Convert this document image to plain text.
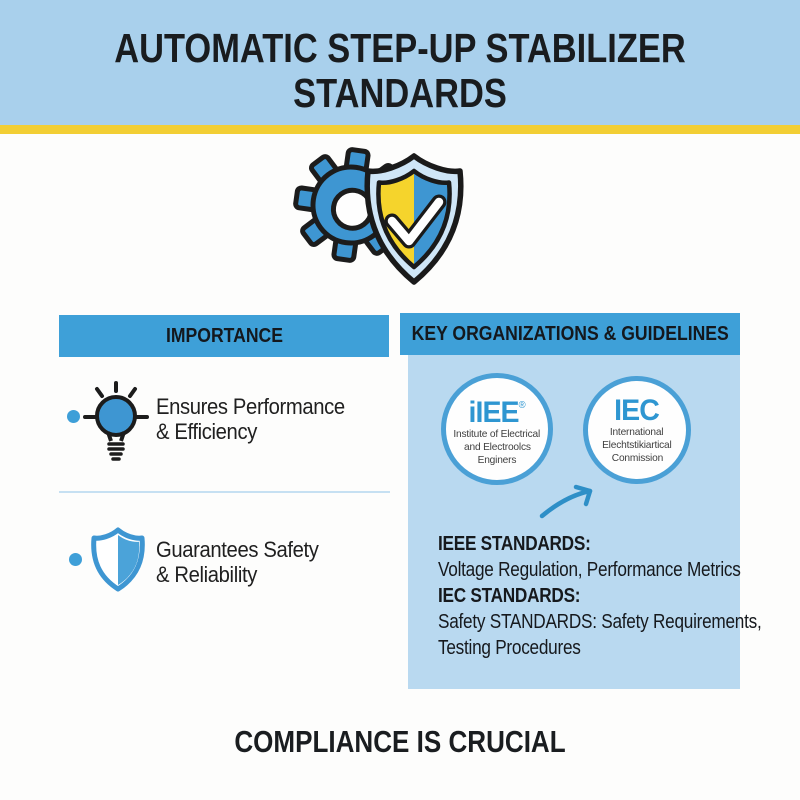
AUTOMATIC STEP-UP STABILIZER
STANDARDS
IMPORTANCE
Ensures Performance
& Efficiency
Guarantees Safety
& Reliability
KEY ORGANIZATIONS & GUIDELINES
iIEE®
Institute of Electrical
and Electroolcs
Enginers
IEC
International
Elechtstikiartical
Conmission
IEEE STANDARDS:
Voltage Regulation, Performance Metrics
IEC STANDARDS:
Safety STANDARDS: Safety Requirements,
Testing Procedures
COMPLIANCE IS CRUCIAL
